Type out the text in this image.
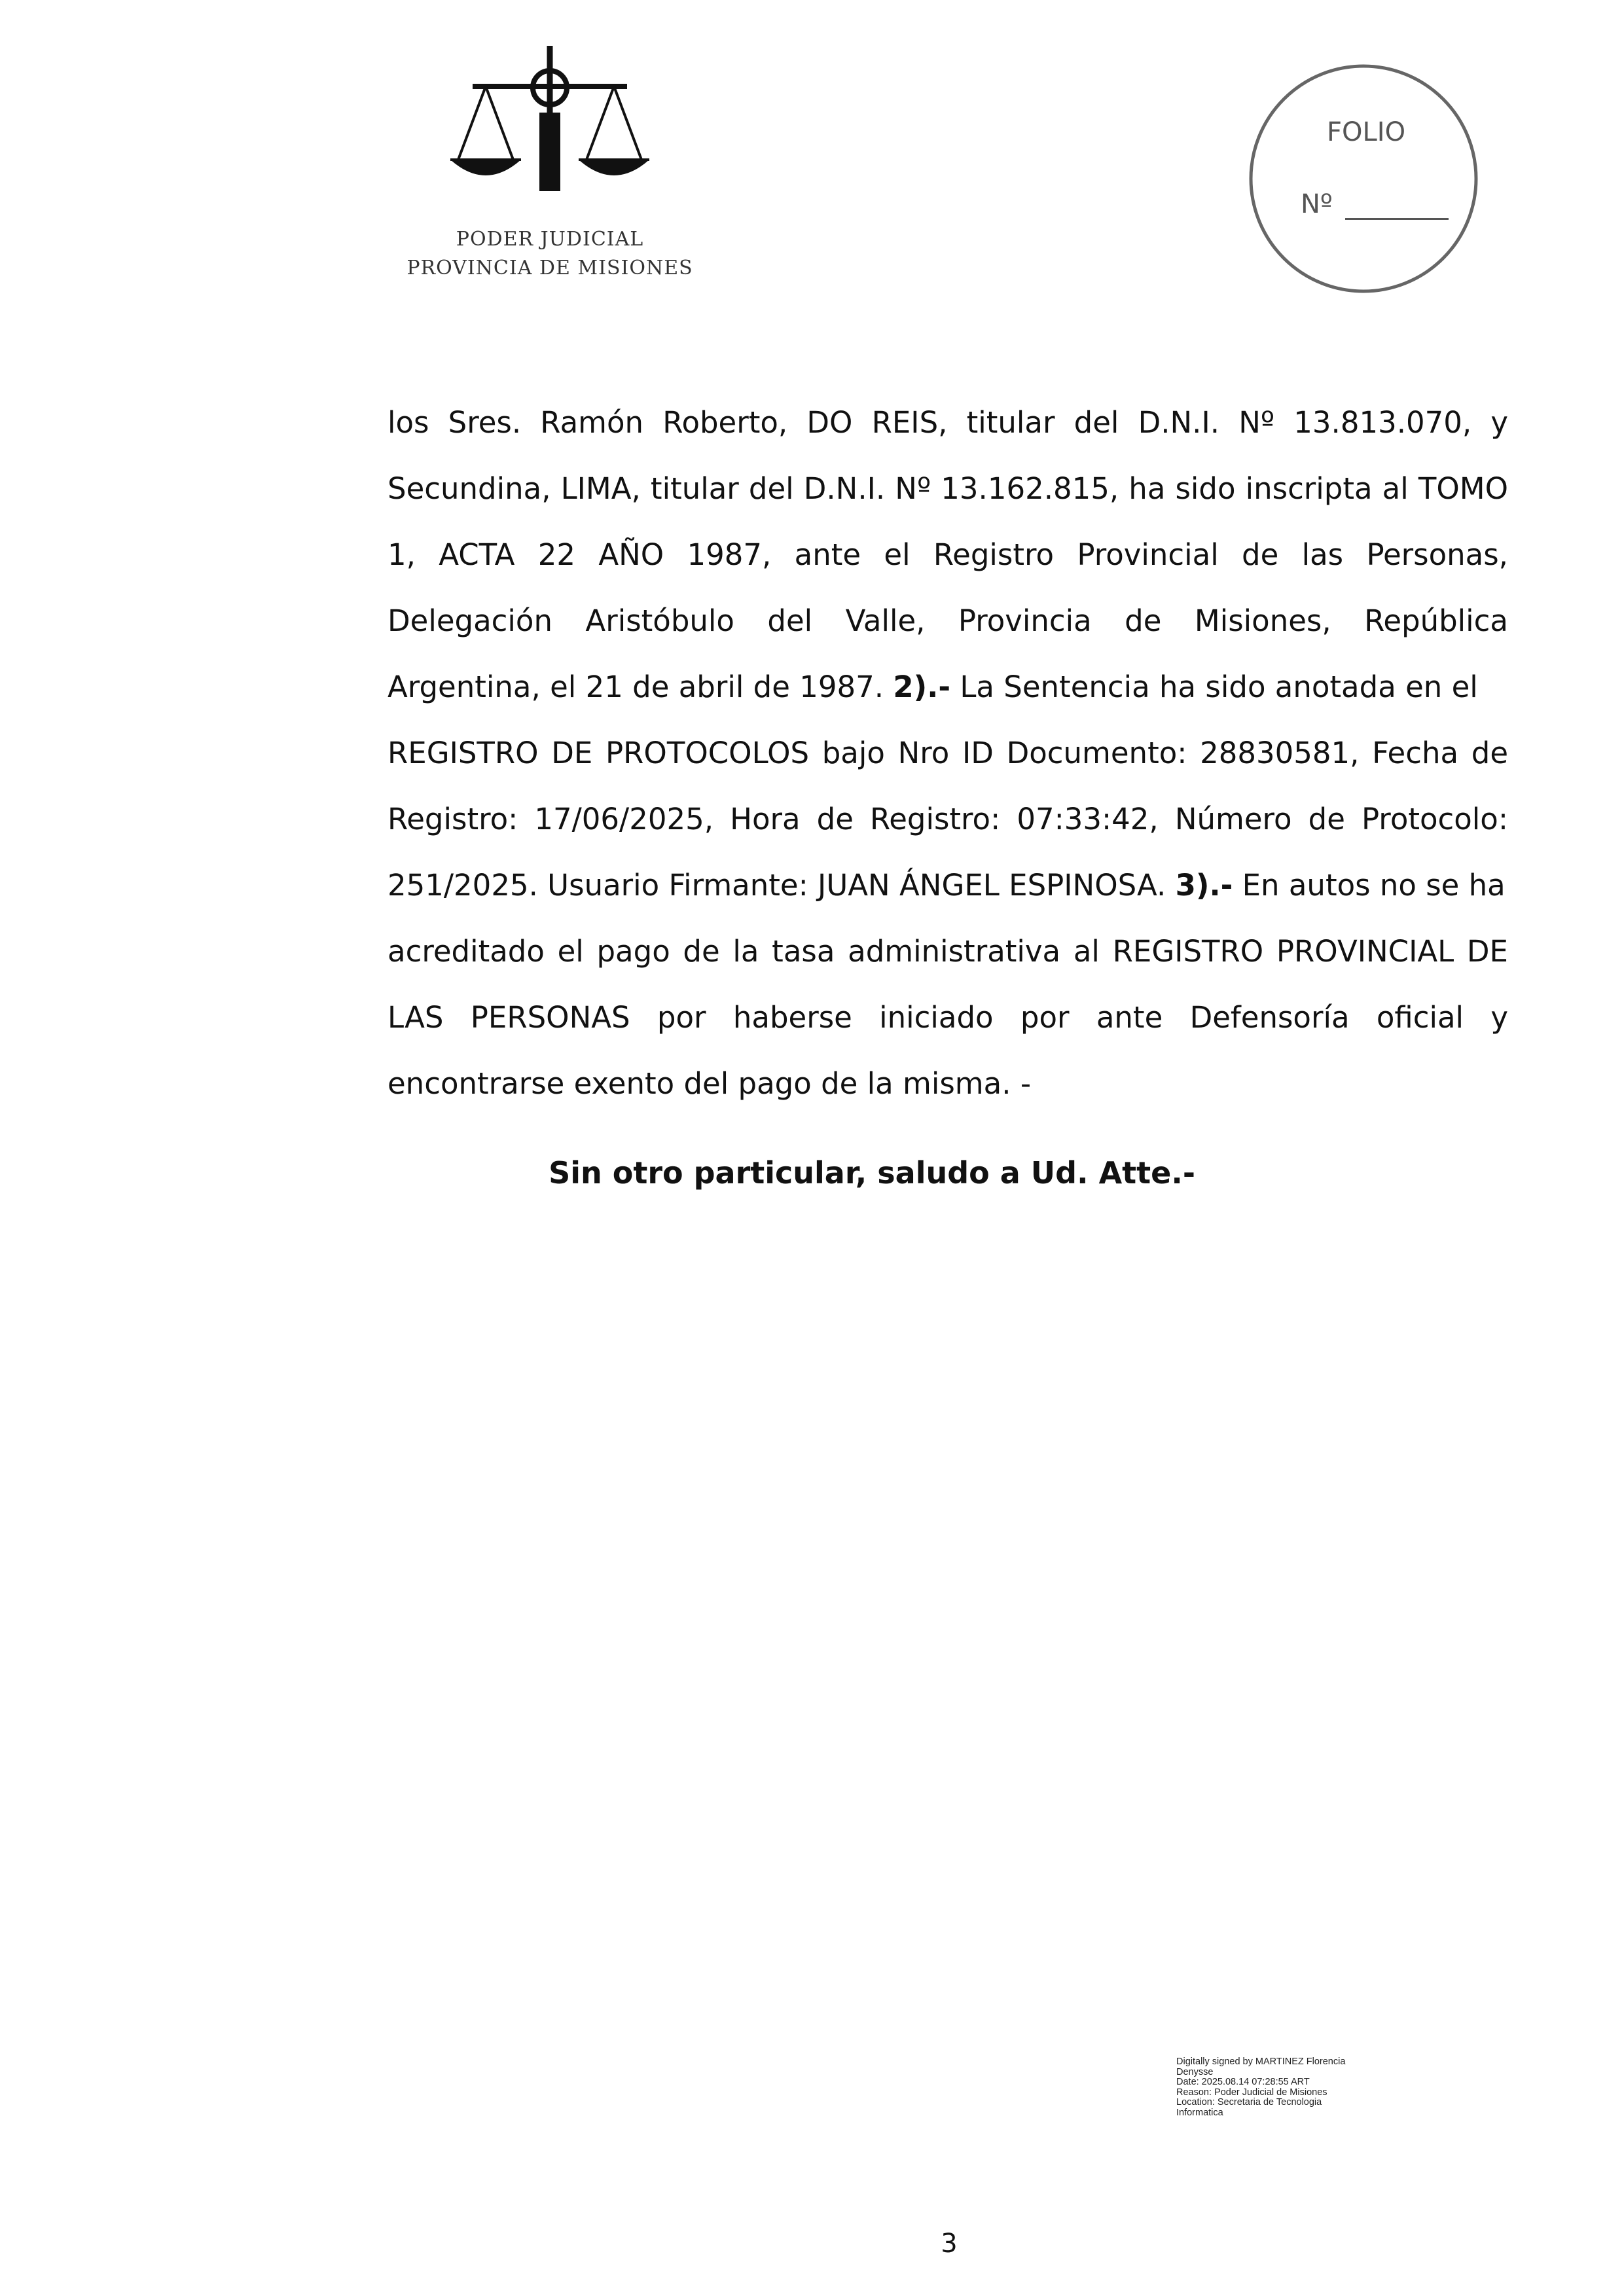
PODER JUDICIAL
PROVINCIA DE MISIONES
FOLIO
Nº
los Sres. Ramón Roberto, DO REIS, titular del D.N.I. Nº 13.813.070, y
Secundina, LIMA, titular del D.N.I. Nº 13.162.815, ha sido inscripta al TOMO
1, ACTA 22 AÑO 1987, ante el Registro Provincial de las Personas,
Delegación Aristóbulo del Valle, Provincia de Misiones, República
Argentina, el 21 de abril de 1987. 2).- La Sentencia ha sido anotada en el
REGISTRO DE PROTOCOLOS bajo Nro ID Documento: 28830581, Fecha de
Registro: 17/06/2025, Hora de Registro: 07:33:42, Número de Protocolo:
251/2025. Usuario Firmante: JUAN ÁNGEL ESPINOSA. 3).- En autos no se ha
acreditado el pago de la tasa administrativa al REGISTRO PROVINCIAL DE
LAS PERSONAS por haberse iniciado por ante Defensoría oficial y
encontrarse exento del pago de la misma. -
Sin otro particular, saludo a Ud. Atte.-
Digitally signed by MARTINEZ Florencia
Denysse
Date: 2025.08.14 07:28:55 ART
Reason: Poder Judicial de Misiones
Location: Secretaria de Tecnologia
Informatica
3
